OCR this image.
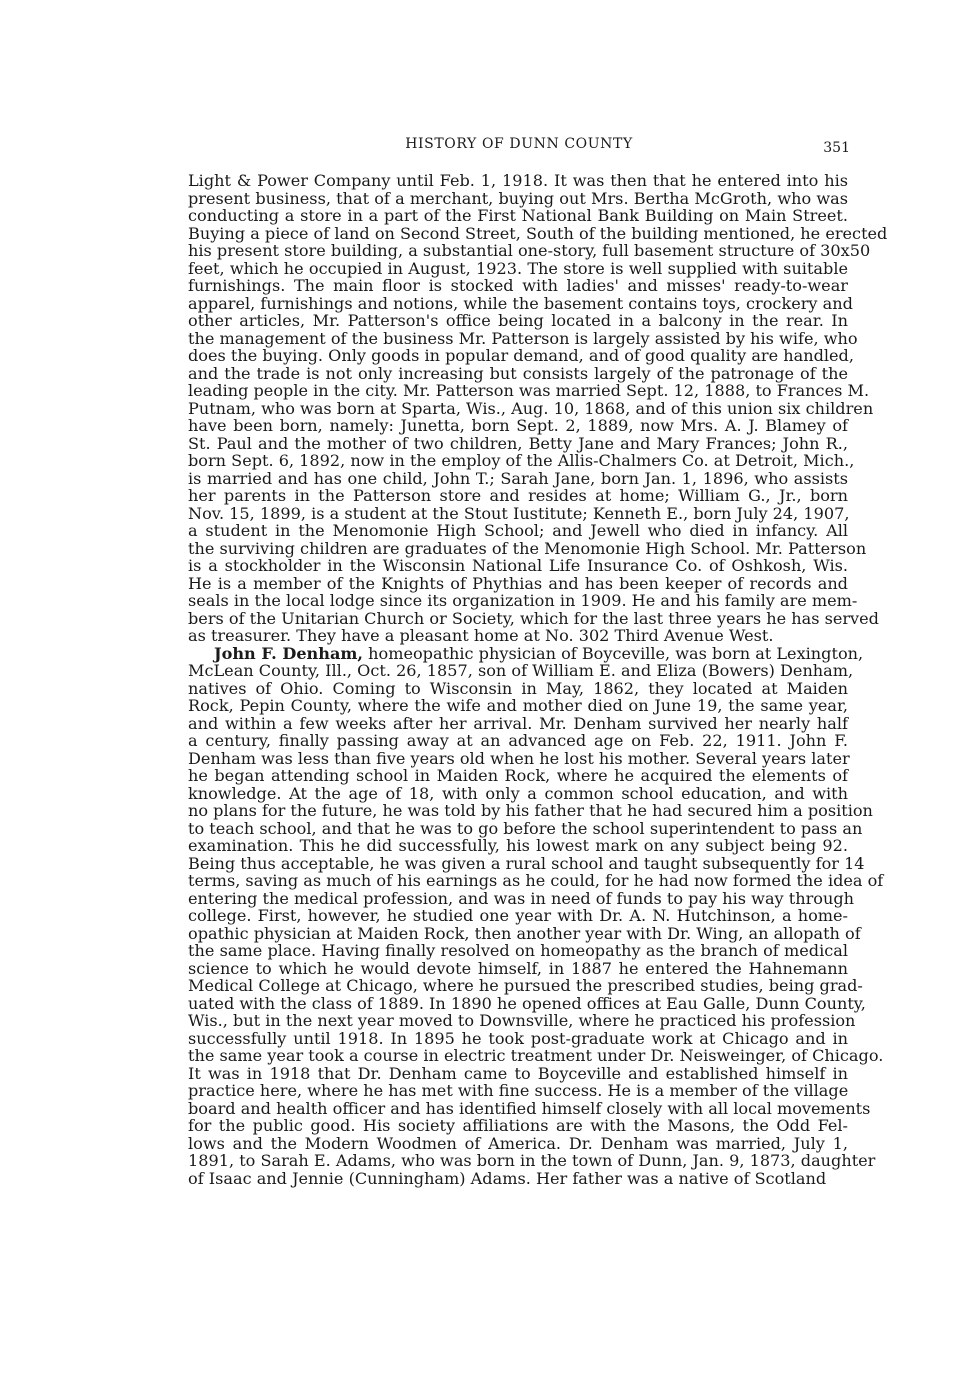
HISTORY OF DUNN COUNTY	351
Light & Power Company until Feb. 1, 1918. It was then that he entered into his
present business, that of a merchant, buying out Mrs. Bertha McGroth, who was
conducting a store in a part of the First National Bank Building on Main Street.
Buying a piece of land on Second Street, South of the building mentioned, he erected
his present store building, a substantial one-story, full basement structure of 30x50
feet, which he occupied in August, 1923. The store is well supplied with suitable
furnishings. The main floor is stocked with ladies' and misses' ready-to-wear
apparel, furnishings and notions, while the basement contains toys, crockery and
other articles, Mr. Patterson's office being located in a balcony in the rear. In
the management of the business Mr. Patterson is largely assisted by his wife, who
does the buying. Only goods in popular demand, and of good quality are handled,
and the trade is not only increasing but consists largely of the patronage of the
leading people in the city. Mr. Patterson was married Sept. 12, 1888, to Frances M.
Putnam, who was born at Sparta, Wis., Aug. 10, 1868, and of this union six children
have been born, namely: Junetta, born Sept. 2, 1889, now Mrs. A. J. Blamey of
St. Paul and the mother of two children, Betty Jane and Mary Frances; John R.,
born Sept. 6, 1892, now in the employ of the Allis-Chalmers Co. at Detroit, Mich.,
is married and has one child, John T.; Sarah Jane, born Jan. 1, 1896, who assists
her parents in the Patterson store and resides at home; William G., Jr., born
Nov. 15, 1899, is a student at the Stout Iustitute; Kenneth E., born July 24, 1907,
a student in the Menomonie High School; and Jewell who died in infancy. All
the surviving children are graduates of the Menomonie High School. Mr. Patterson
is a stockholder in the Wisconsin National Life Insurance Co. of Oshkosh, Wis.
He is a member of the Knights of Phythias and has been keeper of records and
seals in the local lodge since its organization in 1909. He and his family are mem-
bers of the Unitarian Church or Society, which for the last three years he has served
as treasurer. They have a pleasant home at No. 302 Third Avenue West.
John F. Denham, homeopathic physician of Boyceville, was born at Lexington,
McLean County, Ill., Oct. 26, 1857, son of William E. and Eliza (Bowers) Denham,
natives of Ohio. Coming to Wisconsin in May, 1862, they located at Maiden
Rock, Pepin County, where the wife and mother died on June 19, the same year,
and within a few weeks after her arrival. Mr. Denham survived her nearly half
a century, finally passing away at an advanced age on Feb. 22, 1911. John F.
Denham was less than five years old when he lost his mother. Several years later
he began attending school in Maiden Rock, where he acquired the elements of
knowledge. At the age of 18, with only a common school education, and with
no plans for the future, he was told by his father that he had secured him a position
to teach school, and that he was to go before the school superintendent to pass an
examination. This he did successfully, his lowest mark on any subject being 92.
Being thus acceptable, he was given a rural school and taught subsequently for 14
terms, saving as much of his earnings as he could, for he had now formed the idea of
entering the medical profession, and was in need of funds to pay his way through
college. First, however, he studied one year with Dr. A. N. Hutchinson, a home-
opathic physician at Maiden Rock, then another year with Dr. Wing, an allopath of
the same place. Having finally resolved on homeopathy as the branch of medical
science to which he would devote himself, in 1887 he entered the Hahnemann
Medical College at Chicago, where he pursued the prescribed studies, being grad-
uated with the class of 1889. In 1890 he opened offices at Eau Galle, Dunn County,
Wis., but in the next year moved to Downsville, where he practiced his profession
successfully until 1918. In 1895 he took post-graduate work at Chicago and in
the same year took a course in electric treatment under Dr. Neisweinger, of Chicago.
It was in 1918 that Dr. Denham came to Boyceville and established himself in
practice here, where he has met with fine success. He is a member of the village
board and health officer and has identified himself closely with all local movements
for the public good. His society affiliations are with the Masons, the Odd Fel-
lows and the Modern Woodmen of America. Dr. Denham was married, July 1,
1891, to Sarah E. Adams, who was born in the town of Dunn, Jan. 9, 1873, daughter
of Isaac and Jennie (Cunningham) Adams. Her father was a native of Scotland
